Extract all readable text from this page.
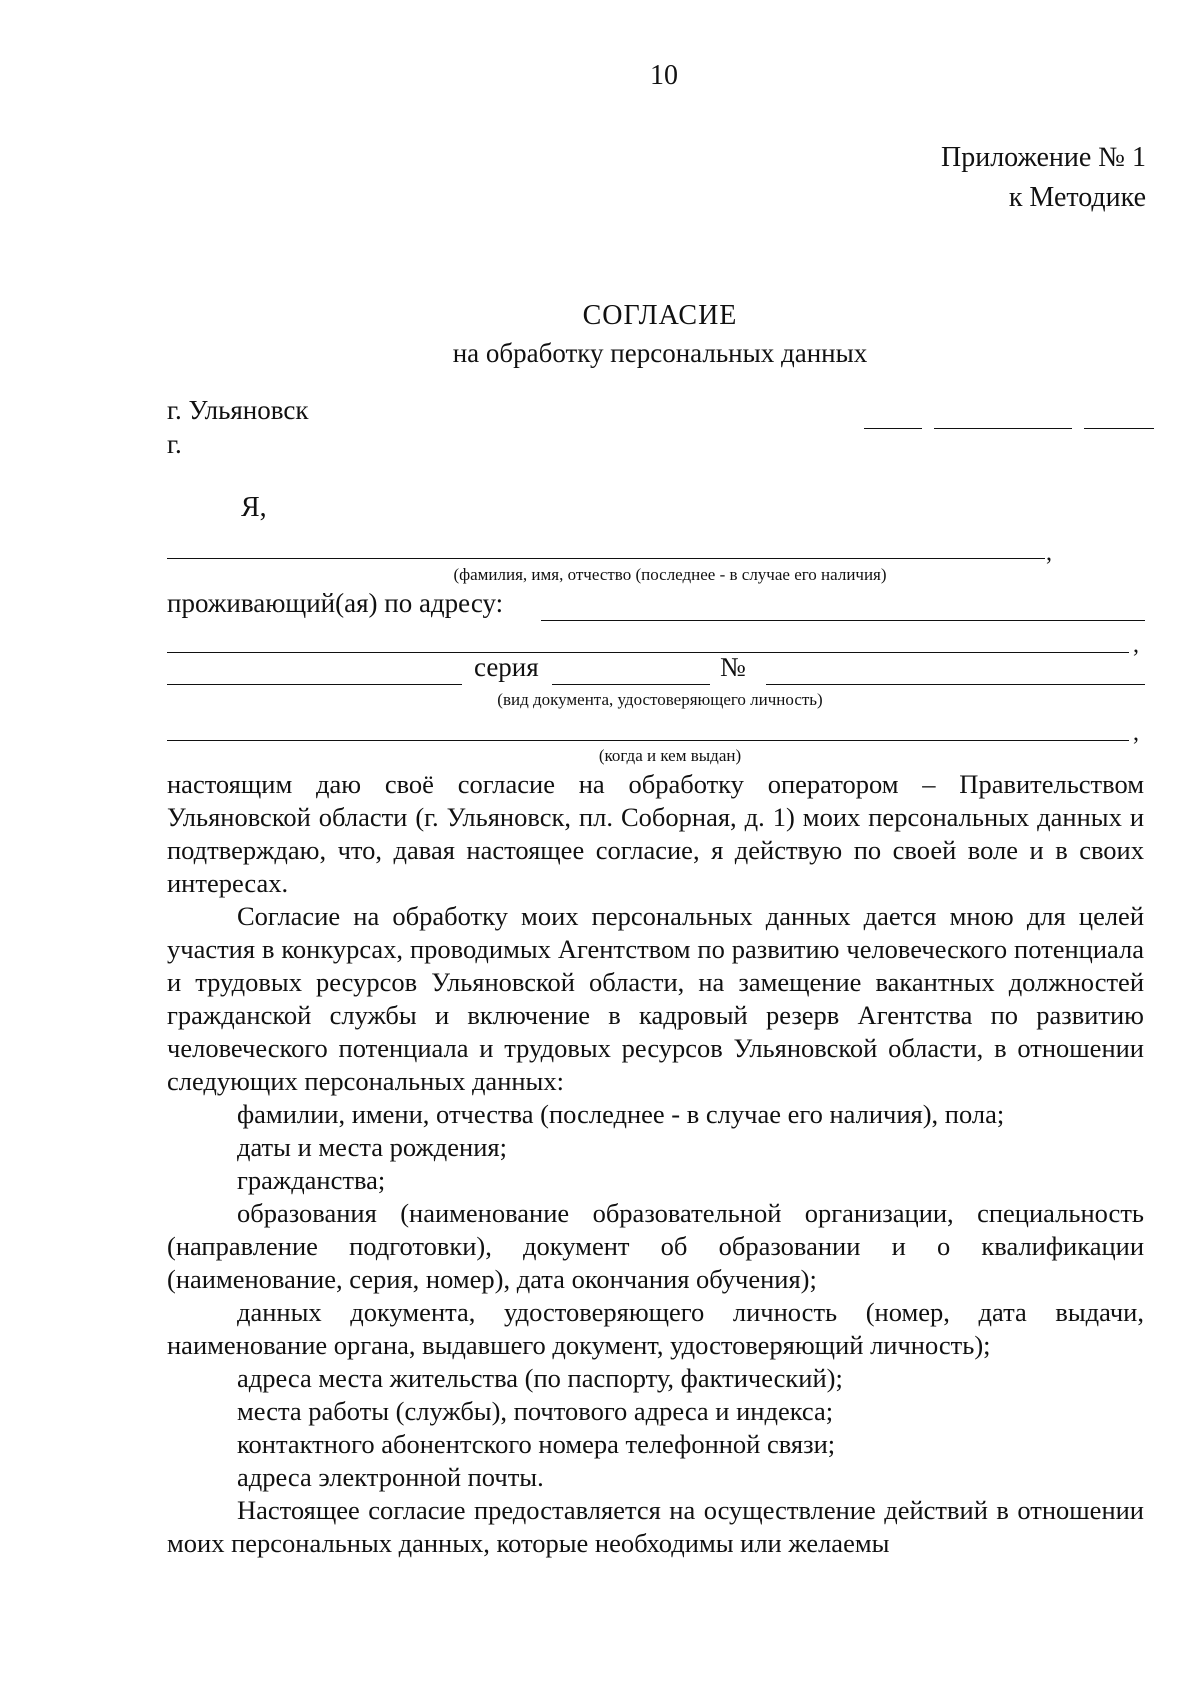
10
Приложение № 1
к Методике
СОГЛАСИЕ
на обработку персональных данных
г. Ульяновск
г.
Я,
,
(фамилия, имя, отчество (последнее - в случае его наличия)
проживающий(ая) по адресу:
,
серия	№
(вид документа, удостоверяющего личность)
,
(когда и кем выдан)

настоящим даю своё согласие на обработку оператором – Правительством Ульяновской области (г. Ульяновск, пл. Соборная, д. 1) моих персональных данных и подтверждаю, что, давая настоящее согласие, я действую по своей воле и в своих интересах.

Согласие на обработку моих персональных данных дается мною для целей участия в конкурсах, проводимых Агентством по развитию человеческого потенциала и трудовых ресурсов Ульяновской области, на замещение вакантных должностей гражданской службы и включение в кадровый резерв Агентства по развитию человеческого потенциала и трудовых ресурсов Ульяновской области, в отношении следующих персональных данных:

фамилии, имени, отчества (последнее - в случае его наличия), пола;

даты и места рождения;

гражданства;

образования (наименование образовательной организации, специальность (направление подготовки), документ об образовании и о квалификации (наименование, серия, номер), дата окончания обучения);

данных документа, удостоверяющего личность (номер, дата выдачи, наименование органа, выдавшего документ, удостоверяющий личность);

адреса места жительства (по паспорту, фактический);

места работы (службы), почтового адреса и индекса;

контактного абонентского номера телефонной связи;

адреса электронной почты.

Настоящее согласие предоставляется на осуществление действий в отношении моих персональных данных, которые необходимы или желаемы
